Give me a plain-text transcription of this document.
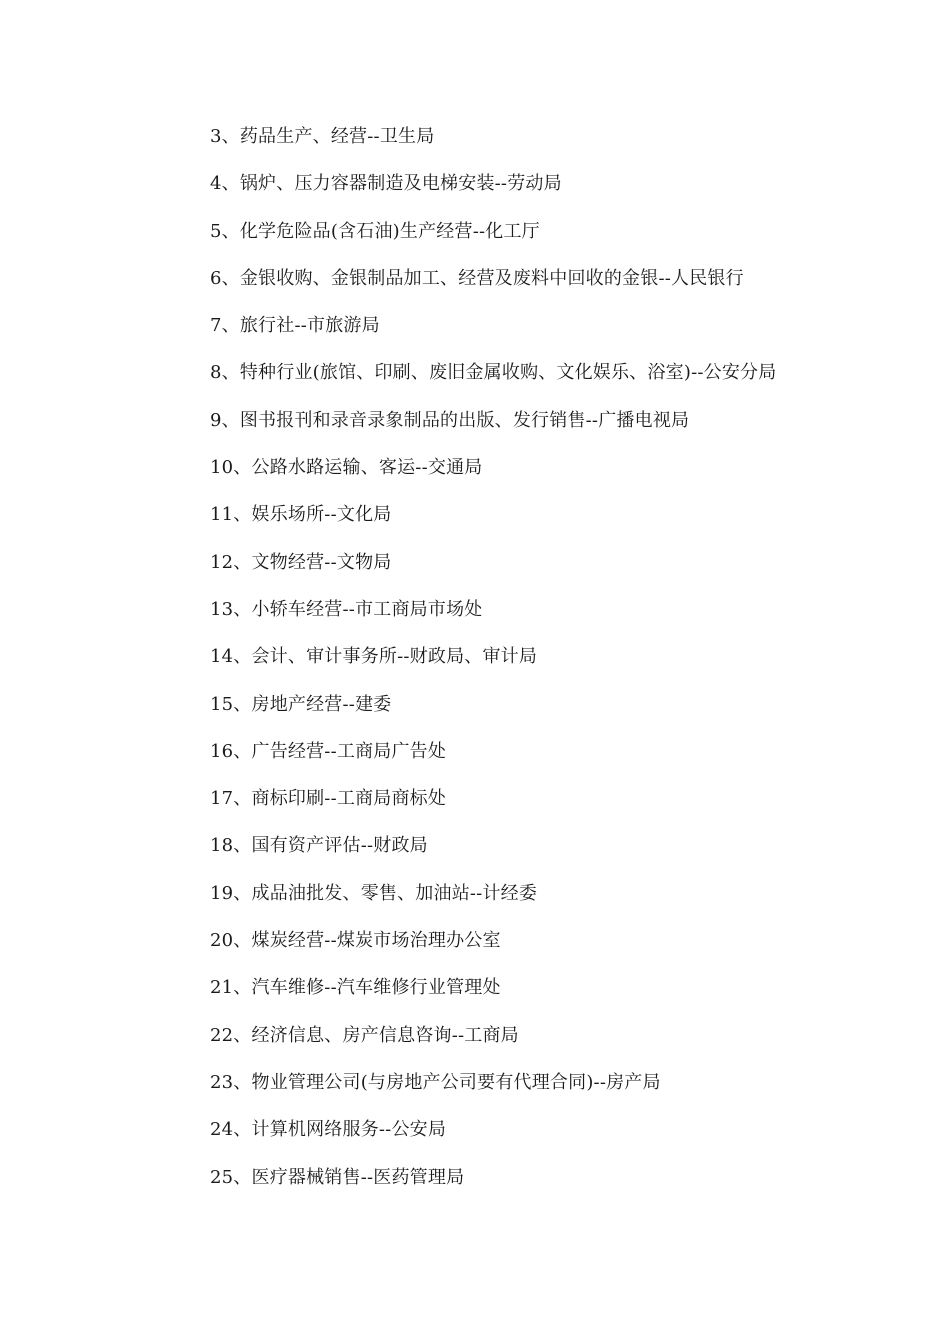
3、药品生产、经营--卫生局

4、锅炉、压力容器制造及电梯安装--劳动局

5、化学危险品(含石油)生产经营--化工厅

6、金银收购、金银制品加工、经营及废料中回收的金银--人民银行

7、旅行社--市旅游局

8、特种行业(旅馆、印刷、废旧金属收购、文化娱乐、浴室)--公安分局

9、图书报刊和录音录象制品的出版、发行销售--广播电视局

10、公路水路运输、客运--交通局

11、娱乐场所--文化局

12、文物经营--文物局

13、小轿车经营--市工商局市场处

14、会计、审计事务所--财政局、审计局

15、房地产经营--建委

16、广告经营--工商局广告处

17、商标印刷--工商局商标处

18、国有资产评估--财政局

19、成品油批发、零售、加油站--计经委

20、煤炭经营--煤炭市场治理办公室

21、汽车维修--汽车维修行业管理处

22、经济信息、房产信息咨询--工商局

23、物业管理公司(与房地产公司要有代理合同)--房产局

24、计算机网络服务--公安局

25、医疗器械销售--医药管理局
